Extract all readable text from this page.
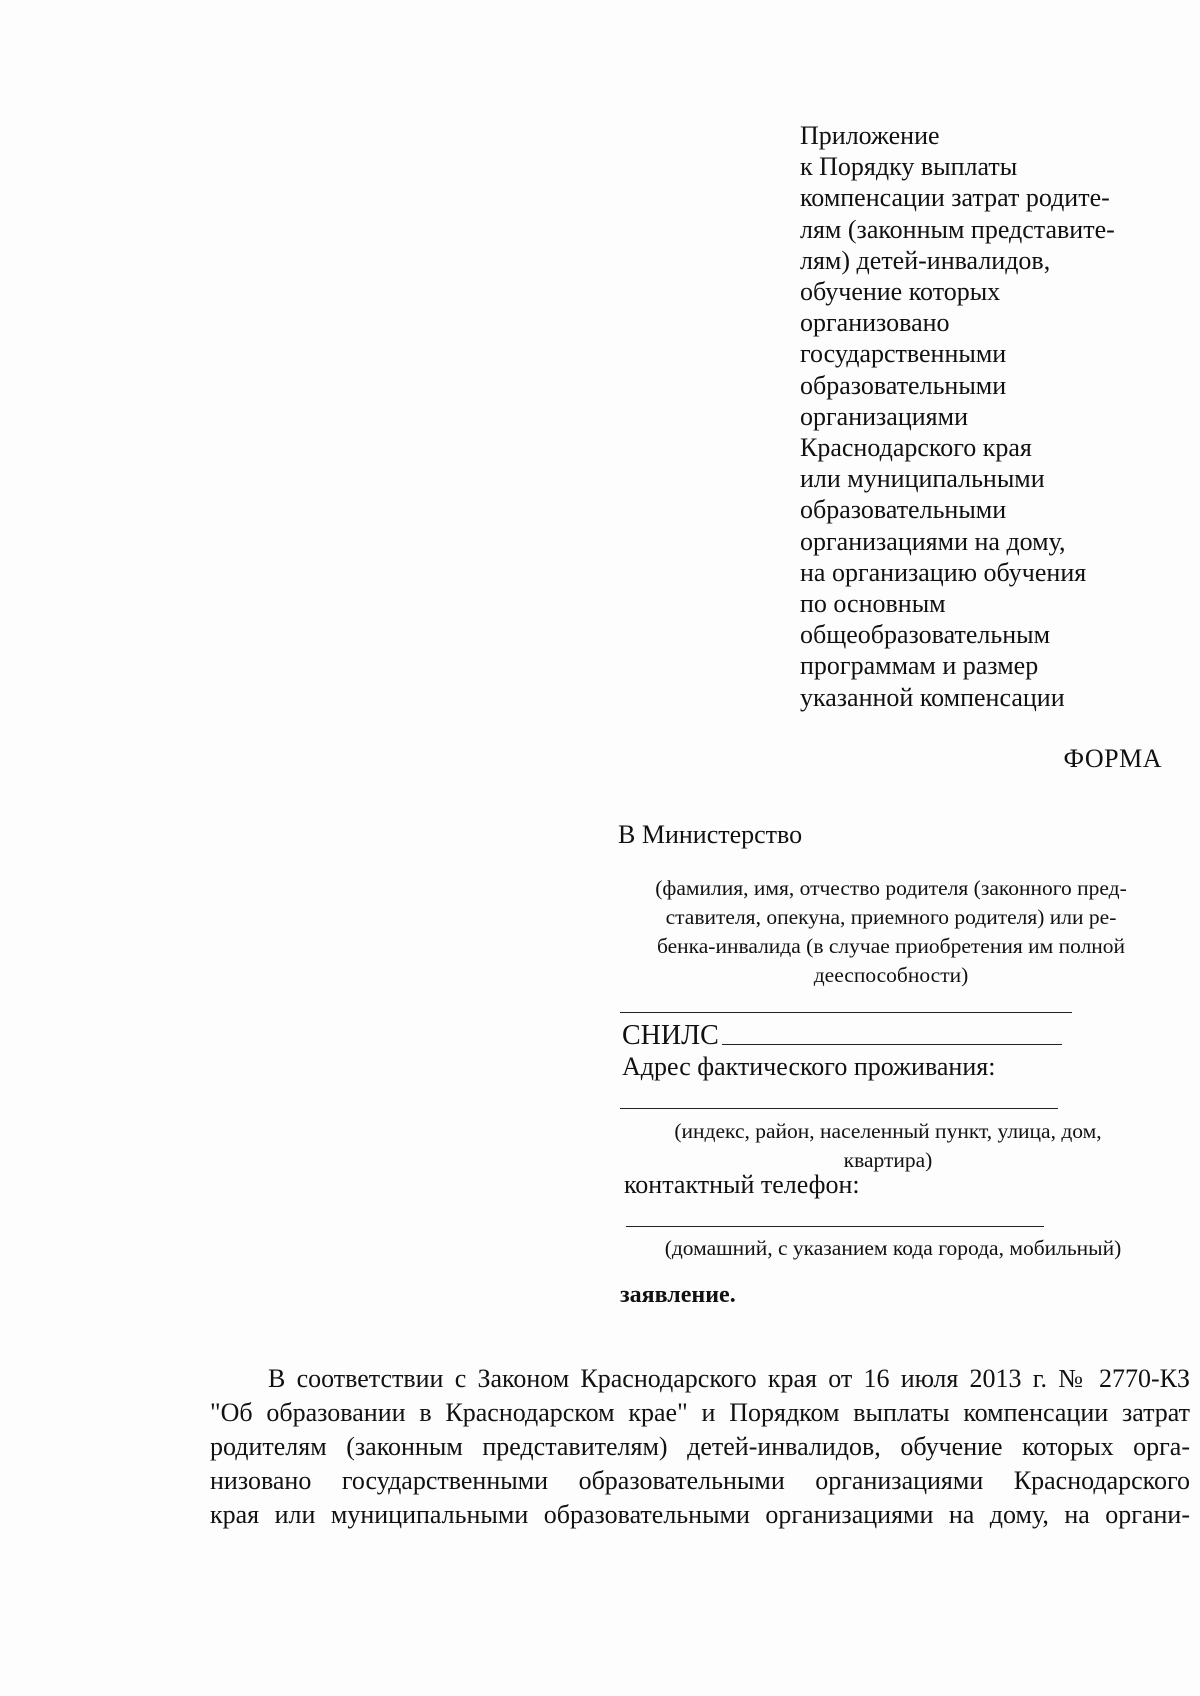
Приложение
к Порядку выплаты
компенсации затрат родите-
лям (законным представите-
лям) детей-инвалидов,
обучение которых
организовано
государственными
образовательными
организациями
Краснодарского края
или муниципальными
образовательными
организациями на дому,
на организацию обучения
по основным
общеобразовательным
программам и размер
указанной компенсации
ФОРМА
В Министерство
(фамилия, имя, отчество родителя (законного пред-
ставителя, опекуна, приемного родителя) или ре-
бенка-инвалида (в случае приобретения им полной
дееспособности)
СНИЛС
Адрес фактического проживания:
(индекс, район, населенный пункт, улица, дом,
квартира)
контактный телефон:
(домашний, с указанием кода города, мобильный)
заявление.
В соответствии с Законом Краснодарского края от 16 июля 2013 г. № 2770-КЗ
"Об образовании в Краснодарском крае" и Порядком выплаты компенсации затрат
родителям (законным представителям) детей-инвалидов, обучение которых орга-
низовано государственными образовательными организациями Краснодарского
края или муниципальными образовательными организациями на дому, на органи-
